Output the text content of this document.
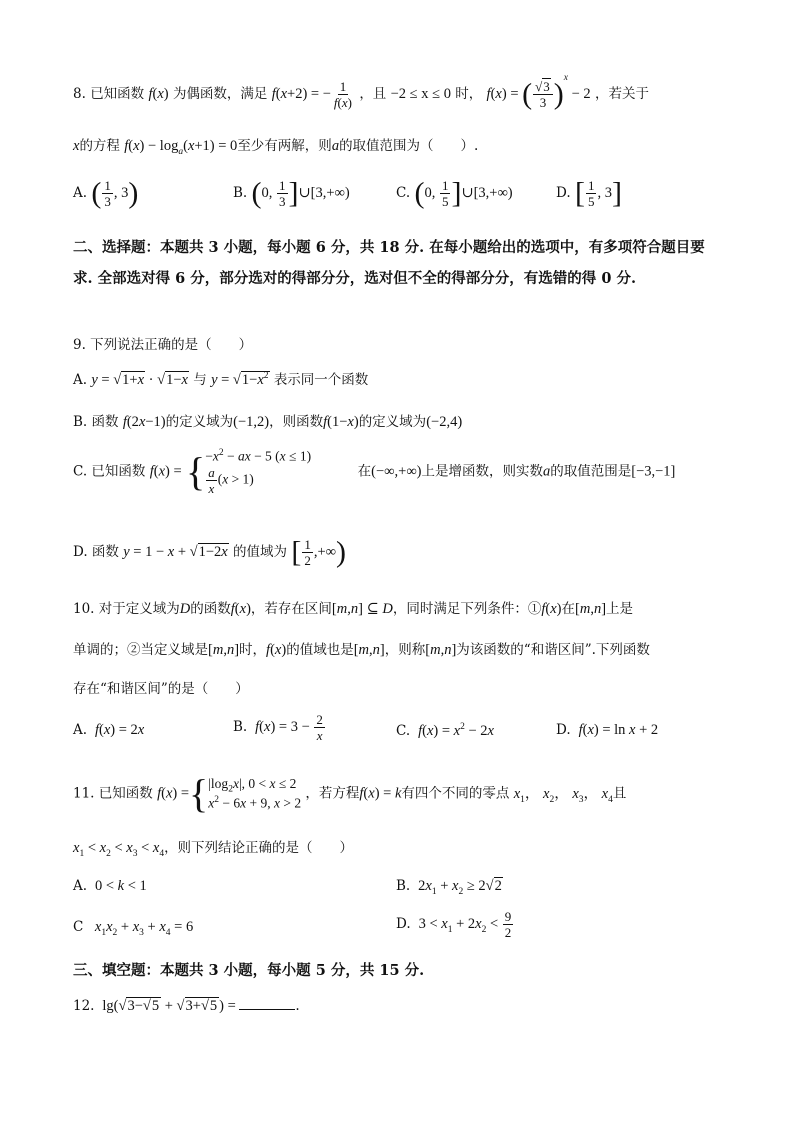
8. 已知函数 f(x) 为偶函数，满足 f(x+2) = − $\frac{1}{f(x)}$ ，且 −2 ≤ x ≤ 0 时， f(x) = ( $\frac{√3}{3} )^x - 2$ ，若关于
x的方程 $f(x) - \log_a(x+1) = 0$至少有两解，则a的取值范围为（　　）.
A. ( $\frac{1}{3}$ , 3)	B. (0, $\frac{1}{3}$ ]∪[3,+∞)	C. (0, $\frac{1}{5}$ ]∪[3,+∞)	D. [ $\frac{1}{5}$ , 3]
二、选择题：本题共 3 小题，每小题 6 分，共 18 分. 在每小题给出的选项中，有多项符合题目要求. 全部选对得 6 分，部分选对的得部分分，选对但不全的得部分分，有选错的得 0 分.
9. 下列说法正确的是（　　）
A. y = √1+x · √1−x 与 $y = √1-x^2$ 表示同一个函数
B. 函数 f(2x−1)的定义域为(−1,2)，则函数f(1−x)的定义域为(−2,4)
C. 已知函数 f(x) = { $-x^2$ − ax − 5 (x ≤ 1)
$\frac{a}{x} (x > 1)$	在(−∞,+∞)上是增函数，则实数a的取值范围是[−3,−1]
D. 函数 y = 1 − x + √1−2x 的值域为 [ $\frac{1}{2}$ ,+∞)
10. 对于定义域为D的函数f(x)，若存在区间[m,n] ⊆ D，同时满足下列条件：①f(x)在[m,n]上是
单调的；②当定义域是[m,n]时，f(x)的值域也是[m,n]，则称[m,n]为该函数的“和谐区间”.下列函数
存在“和谐区间”的是（　　）
A. f(x) = 2x	B. $f(x) = 3 - \frac{2}{x}$	C. $f(x) = x^2 - 2x$	D. f(x) = ln x + 2
11. 已知函数 f(x) ={ $|\log_2x|$, 0 < x ≤ 2
$x^2 - 6x + 9$, x > 2
，若方程f(x) = k有四个不同的零点 $x_1$， $x_2$， $x_3$， $x_4$且
$x_1 < x_2 < x_3 < x_4$，则下列结论正确的是（　　）
A.  0 < k < 1	B.  $2x_1 + x_2 \ge 2√2$
C $x_1x_2 + x_3 + x_4 = 6$	D.  $3 < x_1 + 2x_2 < \frac{9}{2}$
三、填空题：本题共 3 小题，每小题 5 分，共 15 分.
12.  lg(√3−√5 + √3+√5 ) =	.
